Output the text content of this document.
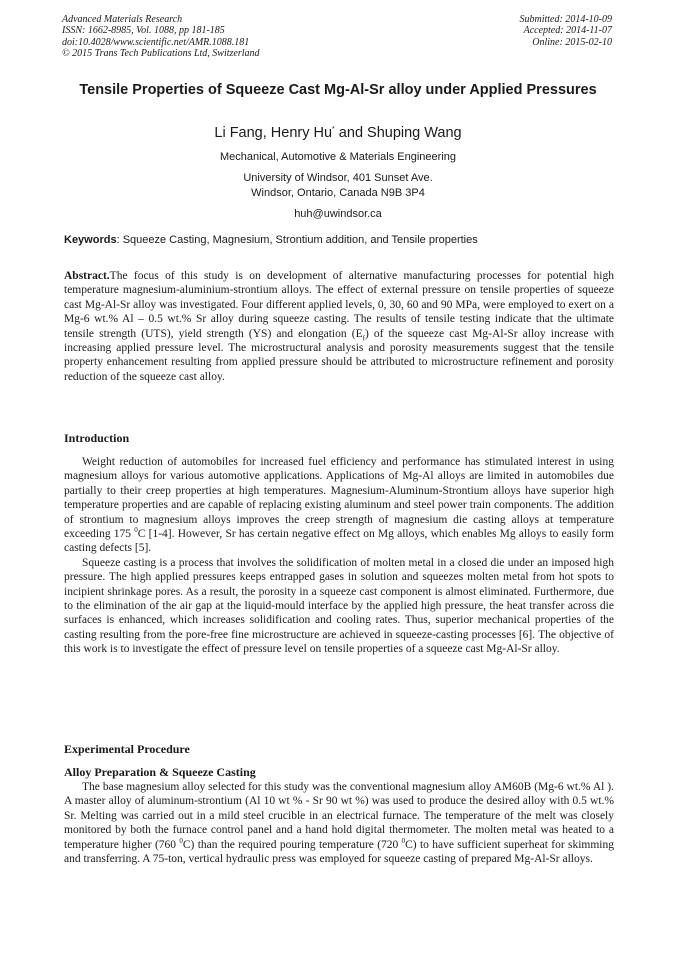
Advanced Materials Research
ISSN: 1662-8985, Vol. 1088, pp 181-185
doi:10.4028/www.scientific.net/AMR.1088.181
© 2015 Trans Tech Publications Ltd, Switzerland
Submitted: 2014-10-09
Accepted: 2014-11-07
Online: 2015-02-10
Tensile Properties of Squeeze Cast Mg-Al-Sr alloy under Applied Pressures
Li Fang, Henry Hu* and Shuping Wang
Mechanical, Automotive & Materials Engineering
University of Windsor, 401 Sunset Ave.
Windsor, Ontario, Canada N9B 3P4
huh@uwindsor.ca
Keywords: Squeeze Casting, Magnesium, Strontium addition, and Tensile properties

Abstract.The focus of this study is on development of alternative manufacturing processes for potential high temperature magnesium-aluminium-strontium alloys. The effect of external pressure on tensile properties of squeeze cast Mg-Al-Sr alloy was investigated. Four different applied levels, 0, 30, 60 and 90 MPa, were employed to exert on a Mg-6 wt.% Al – 0.5 wt.% Sr alloy during squeeze casting. The results of tensile testing indicate that the ultimate tensile strength (UTS), yield strength (YS) and elongation $(E_f)$ of the squeeze cast Mg-Al-Sr alloy increase with increasing applied pressure level. The microstructural analysis and porosity measurements suggest that the tensile property enhancement resulting from applied pressure should be attributed to microstructure refinement and porosity reduction of the squeeze cast alloy.

Introduction

Weight reduction of automobiles for increased fuel efficiency and performance has stimulated interest in using magnesium alloys for various automotive applications. Applications of Mg-Al alloys are limited in automobiles due partially to their creep properties at high temperatures. Magnesium-Aluminum-Strontium alloys have superior high temperature properties and are capable of replacing existing aluminum and steel power train components. The addition of strontium to magnesium alloys improves the creep strength of magnesium die casting alloys at temperature exceeding 175 $^0$C [1-4]. However, Sr has certain negative effect on Mg alloys, which enables Mg alloys to easily form casting defects [5].

Squeeze casting is a process that involves the solidification of molten metal in a closed die under an imposed high pressure. The high applied pressures keeps entrapped gases in solution and squeezes molten metal from hot spots to incipient shrinkage pores. As a result, the porosity in a squeeze cast component is almost eliminated. Furthermore, due to the elimination of the air gap at the liquid-mould interface by the applied high pressure, the heat transfer across die surfaces is enhanced, which increases solidification and cooling rates. Thus, superior mechanical properties of the casting resulting from the pore-free fine microstructure are achieved in squeeze-casting processes [6]. The objective of this work is to investigate the effect of pressure level on tensile properties of a squeeze cast Mg-Al-Sr alloy.

Experimental Procedure
Alloy Preparation & Squeeze Casting

The base magnesium alloy selected for this study was the conventional magnesium alloy AM60B (Mg-6 wt.% Al ). A master alloy of aluminum-strontium (Al 10 wt % - Sr 90 wt %) was used to produce the desired alloy with 0.5 wt.% Sr. Melting was carried out in a mild steel crucible in an electrical furnace. The temperature of the melt was closely monitored by both the furnace control panel and a hand hold digital thermometer. The molten metal was heated to a temperature higher (760 $^0$C) than the required pouring temperature (720 $^0$C) to have sufficient superheat for skimming and transferring. A 75-ton, vertical hydraulic press was employed for squeeze casting of prepared Mg-Al-Sr alloys.
